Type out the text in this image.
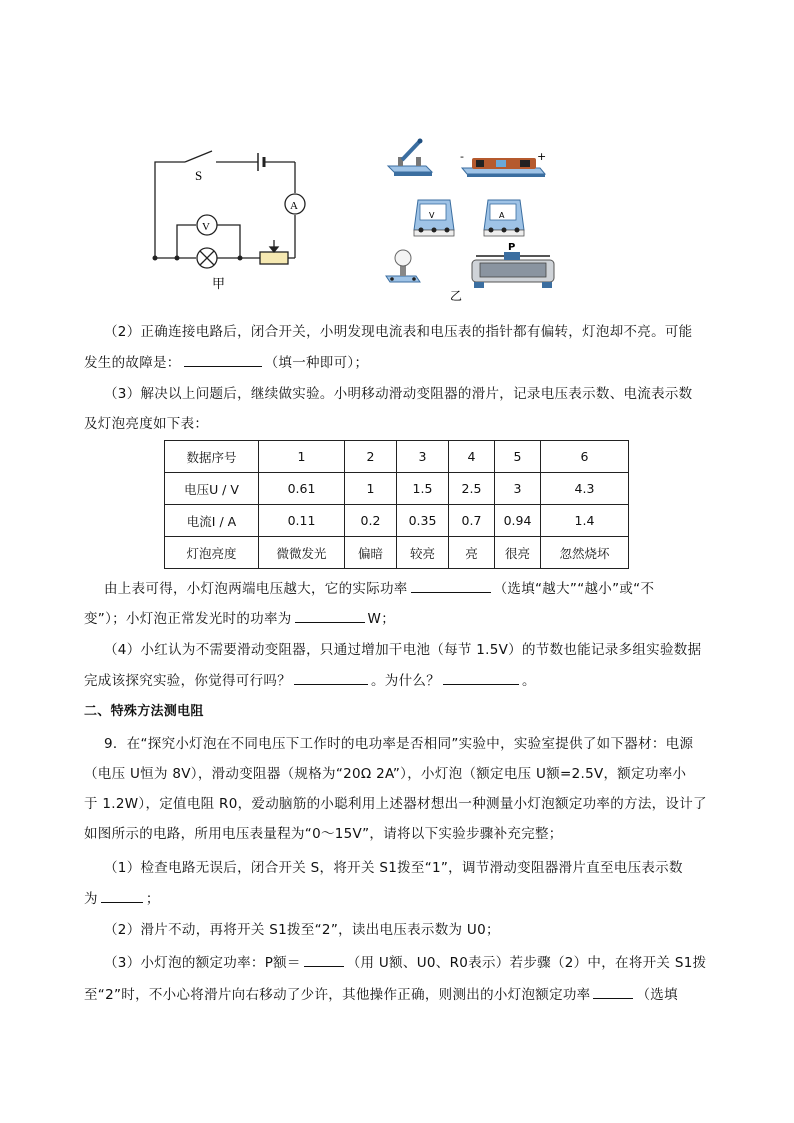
S
A
V
甲
-	+
V	A
P
乙
（2）正确连接电路后，闭合开关，小明发现电流表和电压表的指针都有偏转，灯泡却不亮。可能
发生的故障是：	（填一种即可）；
（3）解决以上问题后，继续做实验。小明移动滑动变阻器的滑片，记录电压表示数、电流表示数
及灯泡亮度如下表：
数据序号	1	2	3	4	5	6
电压U / V	0.61	1	1.5	2.5	3	4.3
电流I / A	0.11	0.2	0.35	0.7	0.94	1.4
灯泡亮度	微微发光	偏暗	较亮	亮	很亮	忽然烧坏
由上表可得，小灯泡两端电压越大，它的实际功率	（选填“越大”“越小”或“不
变”）；小灯泡正常发光时的功率为	W；
（4）小红认为不需要滑动变阻器，只通过增加干电池（每节 1.5V）的节数也能记录多组实验数据
完成该探究实验，你觉得可行吗？	。为什么？	。
二、特殊方法测电阻
9．在“探究小灯泡在不同电压下工作时的电功率是否相同”实验中，实验室提供了如下器材：电源
（电压 U恒为 8V），滑动变阻器（规格为“20Ω 2A”），小灯泡（额定电压 U额=2.5V，额定功率小
于 1.2W），定值电阻 R0，爱动脑筋的小聪利用上述器材想出一种测量小灯泡额定功率的方法，设计了
如图所示的电路，所用电压表量程为“0～15V”，请将以下实验步骤补充完整；
（1）检查电路无误后，闭合开关 S，将开关 S1拨至“1”，调节滑动变阻器滑片直至电压表示数
为	；
（2）滑片不动，再将开关 S1拨至“2”，读出电压表示数为 U0；
（3）小灯泡的额定功率：P额＝	（用 U额、U0、R0表示）若步骤（2）中，在将开关 S1拨
至“2”时，不小心将滑片向右移动了少许，其他操作正确，则测出的小灯泡额定功率	（选填
